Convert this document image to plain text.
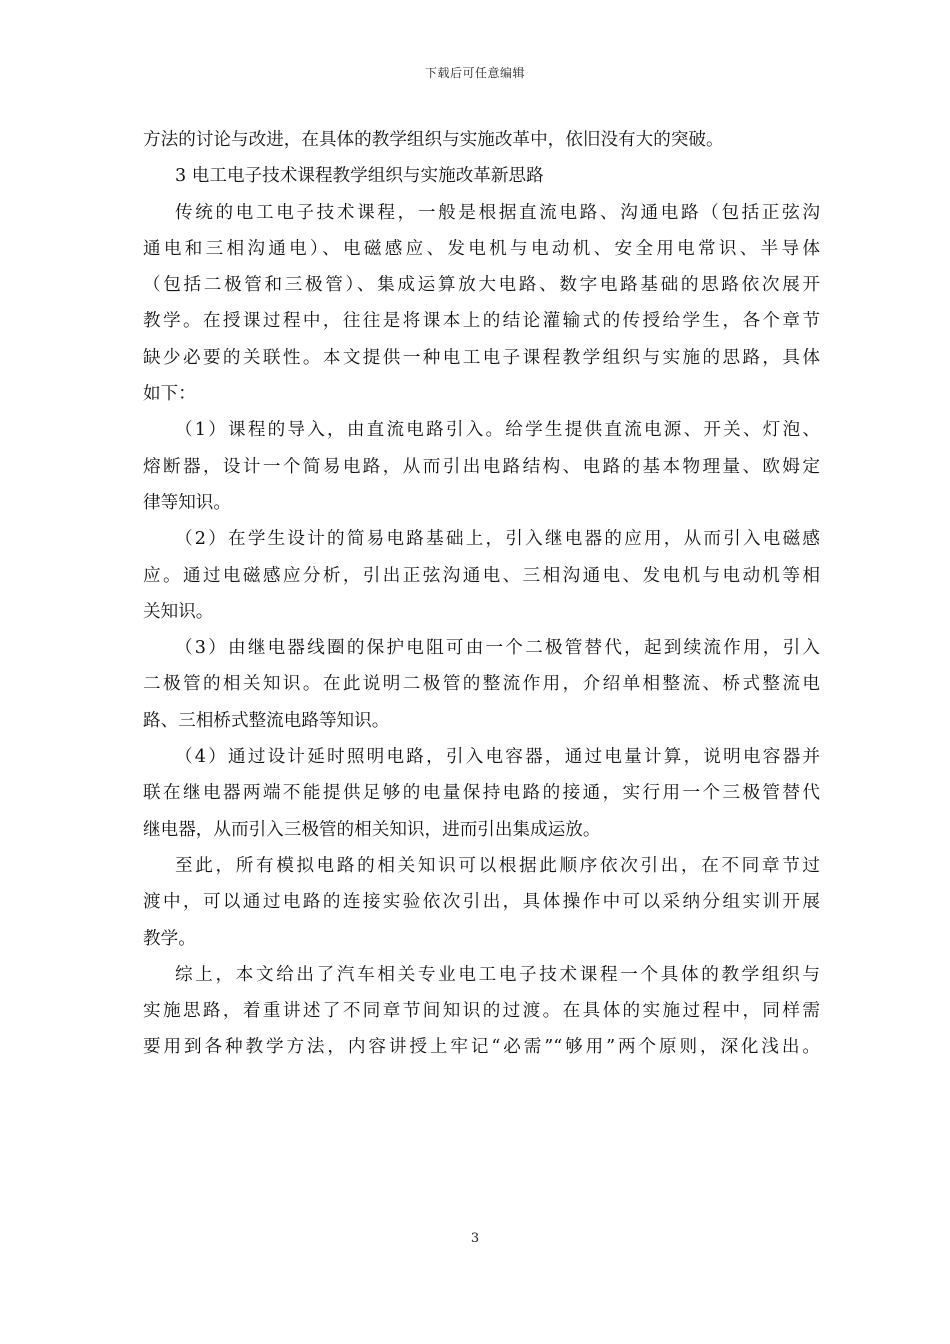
下载后可任意编辑
方法的讨论与改进，在具体的教学组织与实施改革中，依旧没有大的突破。
3 电工电子技术课程教学组织与实施改革新思路
传统的电工电子技术课程，一般是根据直流电路、沟通电路（包括正弦沟
通电和三相沟通电）、电磁感应、发电机与电动机、安全用电常识、半导体
（包括二极管和三极管）、集成运算放大电路、数字电路基础的思路依次展开
教学。在授课过程中，往往是将课本上的结论灌输式的传授给学生，各个章节
缺少必要的关联性。本文提供一种电工电子课程教学组织与实施的思路，具体
如下：
（1）课程的导入，由直流电路引入。给学生提供直流电源、开关、灯泡、
熔断器，设计一个简易电路，从而引出电路结构、电路的基本物理量、欧姆定
律等知识。
（2）在学生设计的简易电路基础上，引入继电器的应用，从而引入电磁感
应。通过电磁感应分析，引出正弦沟通电、三相沟通电、发电机与电动机等相
关知识。
（3）由继电器线圈的保护电阻可由一个二极管替代，起到续流作用，引入
二极管的相关知识。在此说明二极管的整流作用，介绍单相整流、桥式整流电
路、三相桥式整流电路等知识。
（4）通过设计延时照明电路，引入电容器，通过电量计算，说明电容器并
联在继电器两端不能提供足够的电量保持电路的接通，实行用一个三极管替代
继电器，从而引入三极管的相关知识，进而引出集成运放。
至此，所有模拟电路的相关知识可以根据此顺序依次引出，在不同章节过
渡中，可以通过电路的连接实验依次引出，具体操作中可以采纳分组实训开展
教学。
综上，本文给出了汽车相关专业电工电子技术课程一个具体的教学组织与
实施思路，着重讲述了不同章节间知识的过渡。在具体的实施过程中，同样需
要用到各种教学方法，内容讲授上牢记“必需”“够用”两个原则，深化浅出。
3
